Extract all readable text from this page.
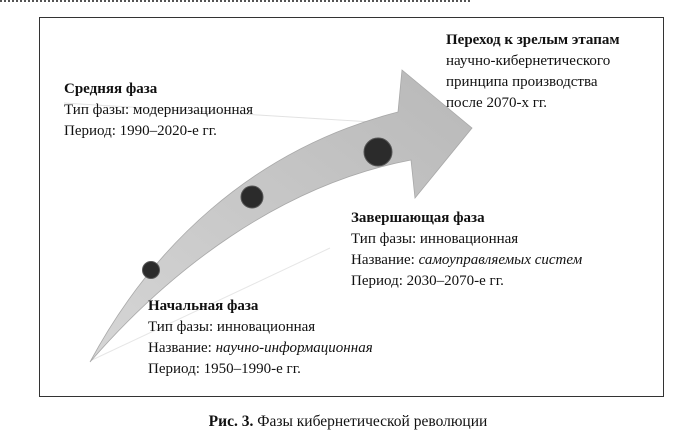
Средняя фаза
Тип фазы: модернизационная
Период: 1990–2020-е гг.
Переход к зрелым этапам
научно-кибернетического
принципа производства
после 2070-х гг.
Завершающая фаза
Тип фазы: инновационная
Название: самоуправляемых систем
Период: 2030–2070-е гг.
Начальная фаза
Тип фазы: инновационная
Название: научно-информационная
Период: 1950–1990-е гг.
Рис. 3. Фазы кибернетической революции
